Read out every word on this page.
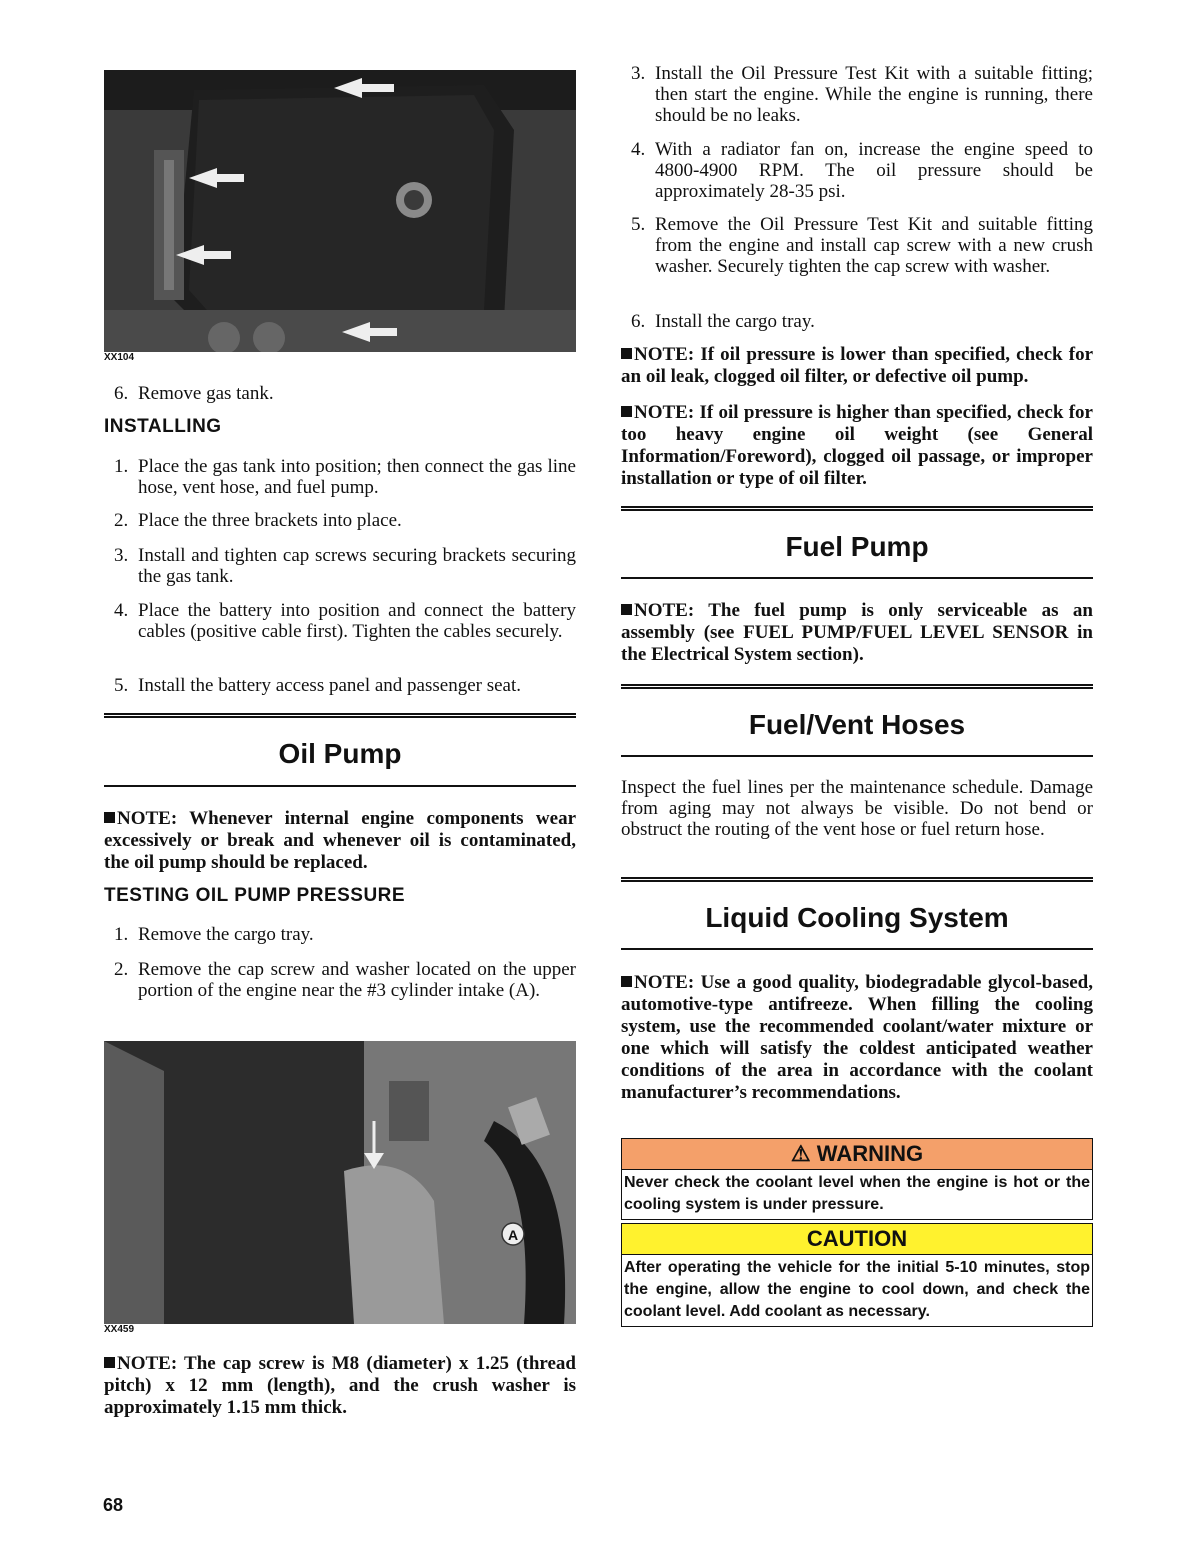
XX104
6. Remove gas tank.
INSTALLING
1. Place the gas tank into position; then connect the gas line hose, vent hose, and fuel pump.
2. Place the three brackets into place.
3. Install and tighten cap screws securing brackets securing the gas tank.
4. Place the battery into position and connect the battery cables (positive cable first). Tighten the cables securely.
5. Install the battery access panel and passenger seat.
Oil Pump
NOTE: Whenever internal engine components wear excessively or break and whenever oil is contaminated, the oil pump should be replaced.
TESTING OIL PUMP PRESSURE
1. Remove the cargo tray.
2. Remove the cap screw and washer located on the upper portion of the engine near the #3 cylinder intake (A).
A
XX459
NOTE: The cap screw is M8 (diameter) x 1.25 (thread pitch) x 12 mm (length), and the crush washer is approximately 1.15 mm thick.
3. Install the Oil Pressure Test Kit with a suitable fitting; then start the engine. While the engine is running, there should be no leaks.
4. With a radiator fan on, increase the engine speed to 4800-4900 RPM. The oil pressure should be approximately 28-35 psi.
5. Remove the Oil Pressure Test Kit and suitable fitting from the engine and install cap screw with a new crush washer. Securely tighten the cap screw with washer.
6. Install the cargo tray.
NOTE: If oil pressure is lower than specified, check for an oil leak, clogged oil filter, or defective oil pump.
NOTE: If oil pressure is higher than specified, check for too heavy engine oil weight (see General Information/Foreword), clogged oil passage, or improper installation or type of oil filter.
Fuel Pump
NOTE: The fuel pump is only serviceable as an assembly (see FUEL PUMP/FUEL LEVEL SENSOR in the Electrical System section).
Fuel/Vent Hoses
Inspect the fuel lines per the maintenance schedule. Damage from aging may not always be visible. Do not bend or obstruct the routing of the vent hose or fuel return hose.
Liquid Cooling System
NOTE: Use a good quality, biodegradable glycol-based, automotive-type antifreeze. When filling the cooling system, use the recommended coolant/water mixture or one which will satisfy the coldest anticipated weather conditions of the area in accordance with the coolant manufacturer’s recommendations.
⚠ WARNING
Never check the coolant level when the engine is hot or the cooling system is under pressure.
CAUTION
After operating the vehicle for the initial 5-10 minutes, stop the engine, allow the engine to cool down, and check the coolant level. Add coolant as necessary.
68
